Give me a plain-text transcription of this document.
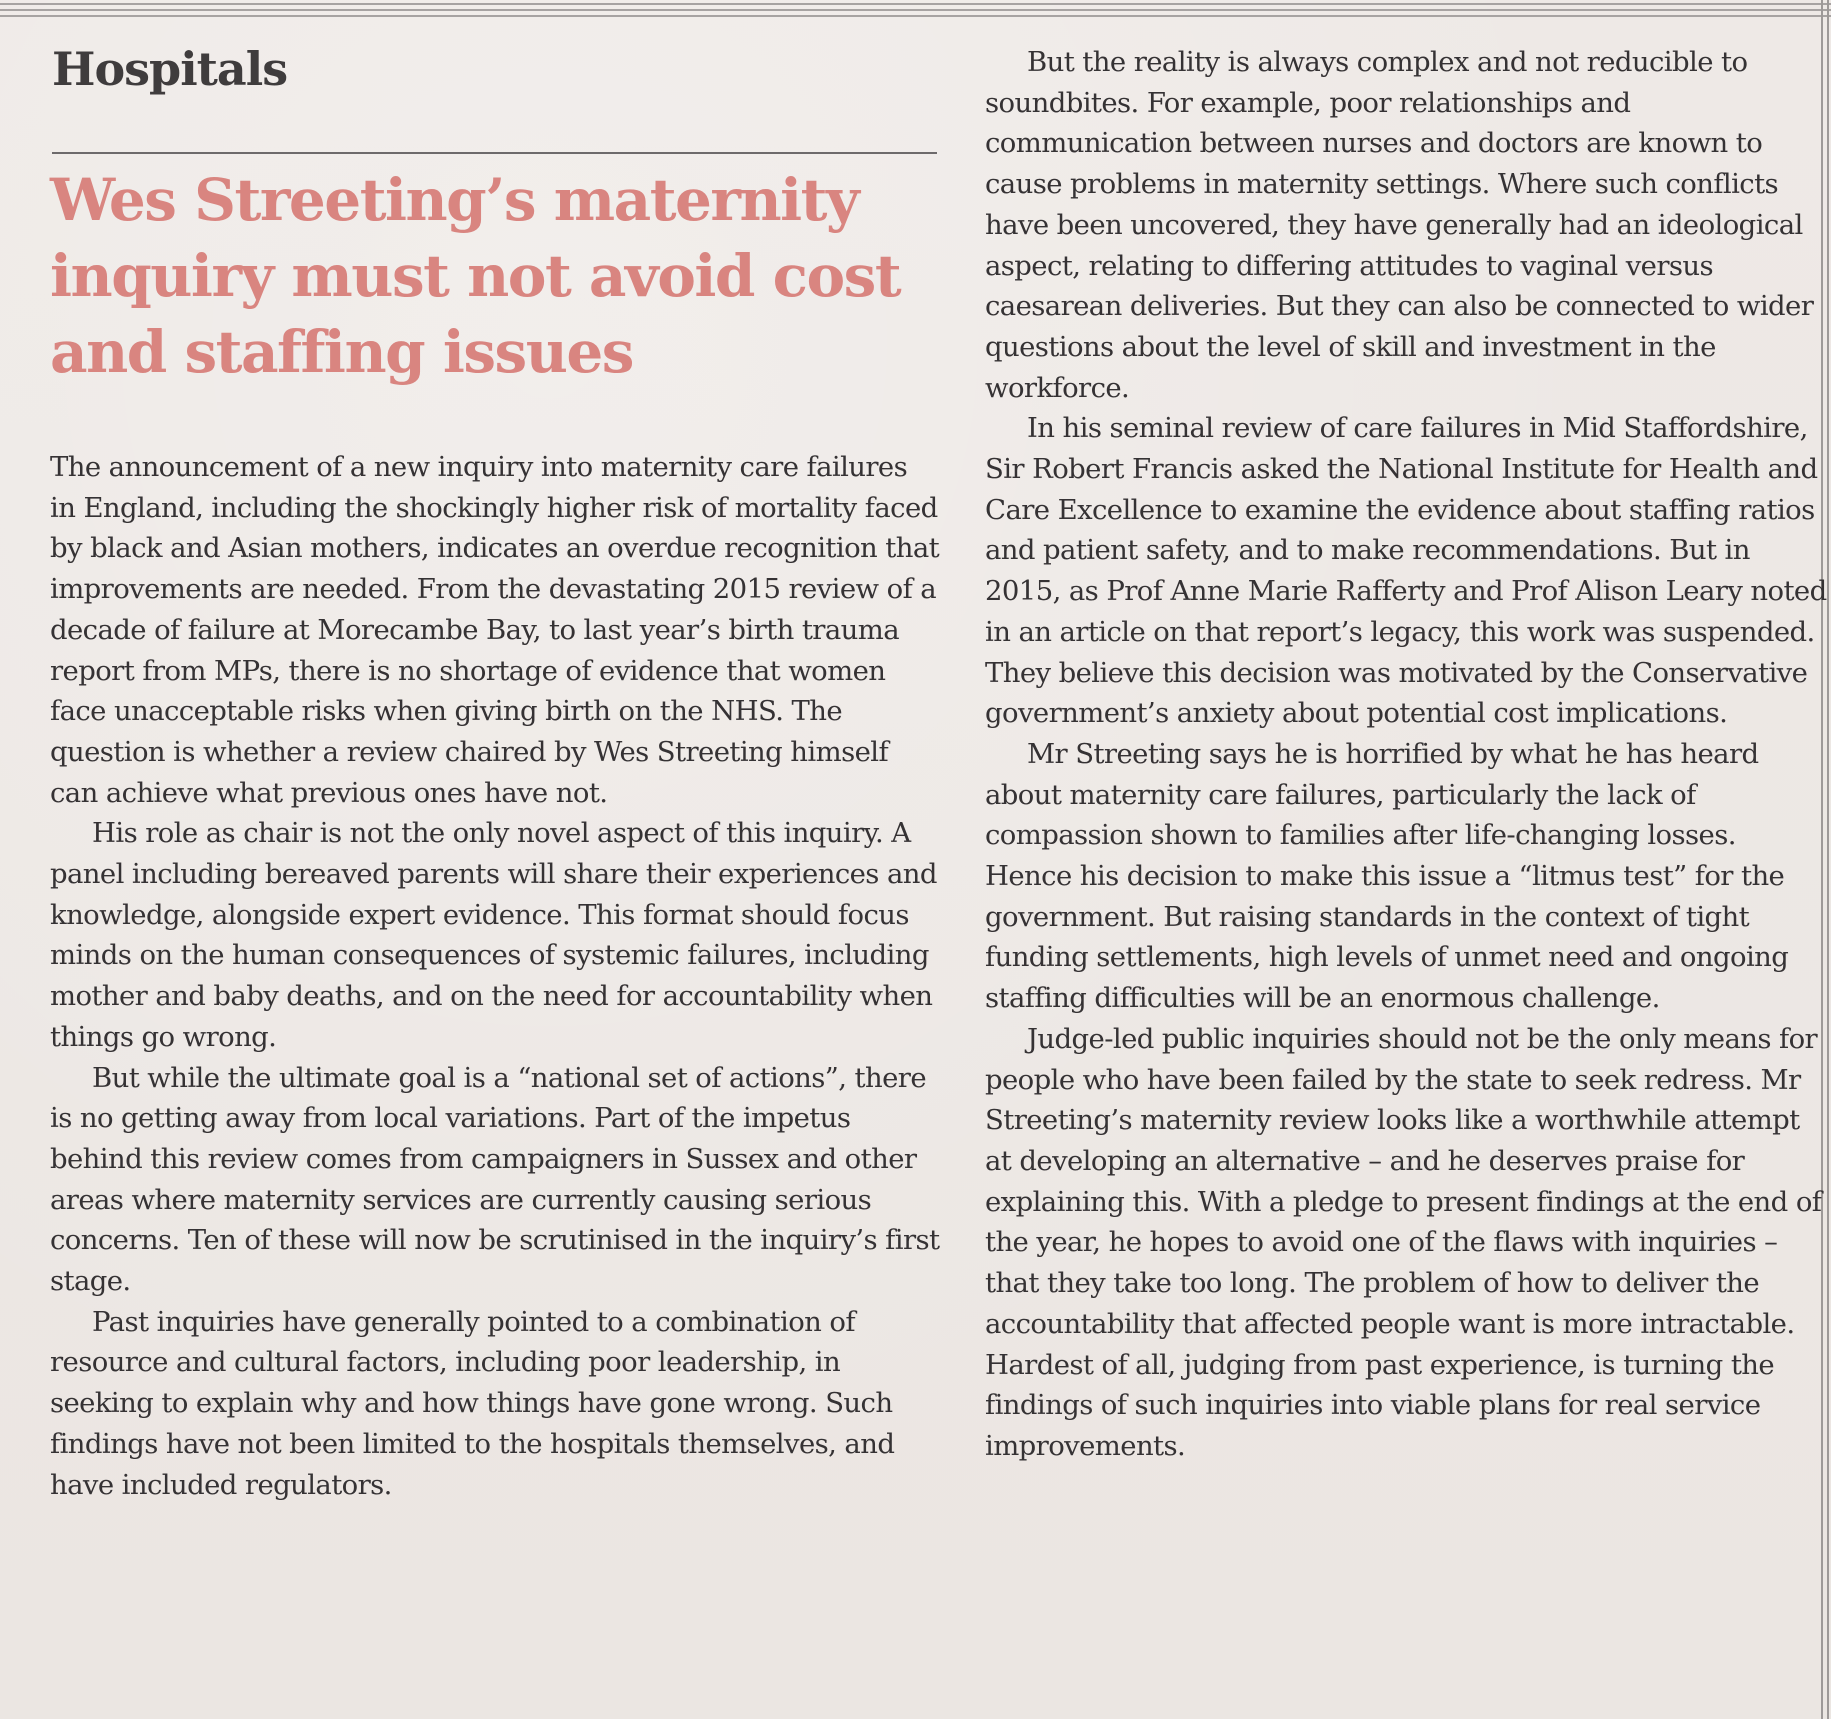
Hospitals
Wes Streeting’s maternity inquiry must not avoid cost and staffing issues

The announcement of a new inquiry into maternity care failures in England, including the shockingly higher risk of mortality faced by black and Asian mothers, indicates an overdue recognition that improvements are needed. From the devastating 2015 review of a decade of failure at Morecambe Bay, to last year’s birth trauma report from MPs, there is no shortage of evidence that women face unacceptable risks when giving birth on the NHS. The question is whether a review chaired by Wes Streeting himself can achieve what previous ones have not.

His role as chair is not the only novel aspect of this inquiry. A panel including bereaved parents will share their experiences and knowledge, alongside expert evidence. This format should focus minds on the human consequences of systemic failures, including mother and baby deaths, and on the need for accountability when things go wrong.

But while the ultimate goal is a “national set of actions”, there is no getting away from local variations. Part of the impetus behind this review comes from campaigners in Sussex and other areas where maternity services are currently causing serious concerns. Ten of these will now be scrutinised in the inquiry’s first stage.

Past inquiries have generally pointed to a combination of resource and cultural factors, including poor leadership, in seeking to explain why and how things have gone wrong. Such findings have not been limited to the hospitals themselves, and have included regulators.

But the reality is always complex and not reducible to soundbites. For example, poor relationships and communication between nurses and doctors are known to cause problems in maternity settings. Where such conflicts have been uncovered, they have generally had an ideological aspect, relating to differing attitudes to vaginal versus caesarean deliveries. But they can also be connected to wider questions about the level of skill and investment in the workforce.

In his seminal review of care failures in Mid Staffordshire, Sir Robert Francis asked the National Institute for Health and Care Excellence to examine the evidence about staffing ratios and patient safety, and to make recommendations. But in 2015, as Prof Anne Marie Rafferty and Prof Alison Leary noted in an article on that report’s legacy, this work was suspended. They believe this decision was motivated by the Conservative government’s anxiety about potential cost implications.

Mr Streeting says he is horrified by what he has heard about maternity care failures, particularly the lack of compassion shown to families after life-changing losses. Hence his decision to make this issue a “litmus test” for the government. But raising standards in the context of tight funding settlements, high levels of unmet need and ongoing staffing difficulties will be an enormous challenge.

Judge-led public inquiries should not be the only means for people who have been failed by the state to seek redress. Mr Streeting’s maternity review looks like a worthwhile attempt at developing an alternative – and he deserves praise for explaining this. With a pledge to present findings at the end of the year, he hopes to avoid one of the flaws with inquiries – that they take too long. The problem of how to deliver the accountability that affected people want is more intractable. Hardest of all, judging from past experience, is turning the findings of such inquiries into viable plans for real service improvements.
